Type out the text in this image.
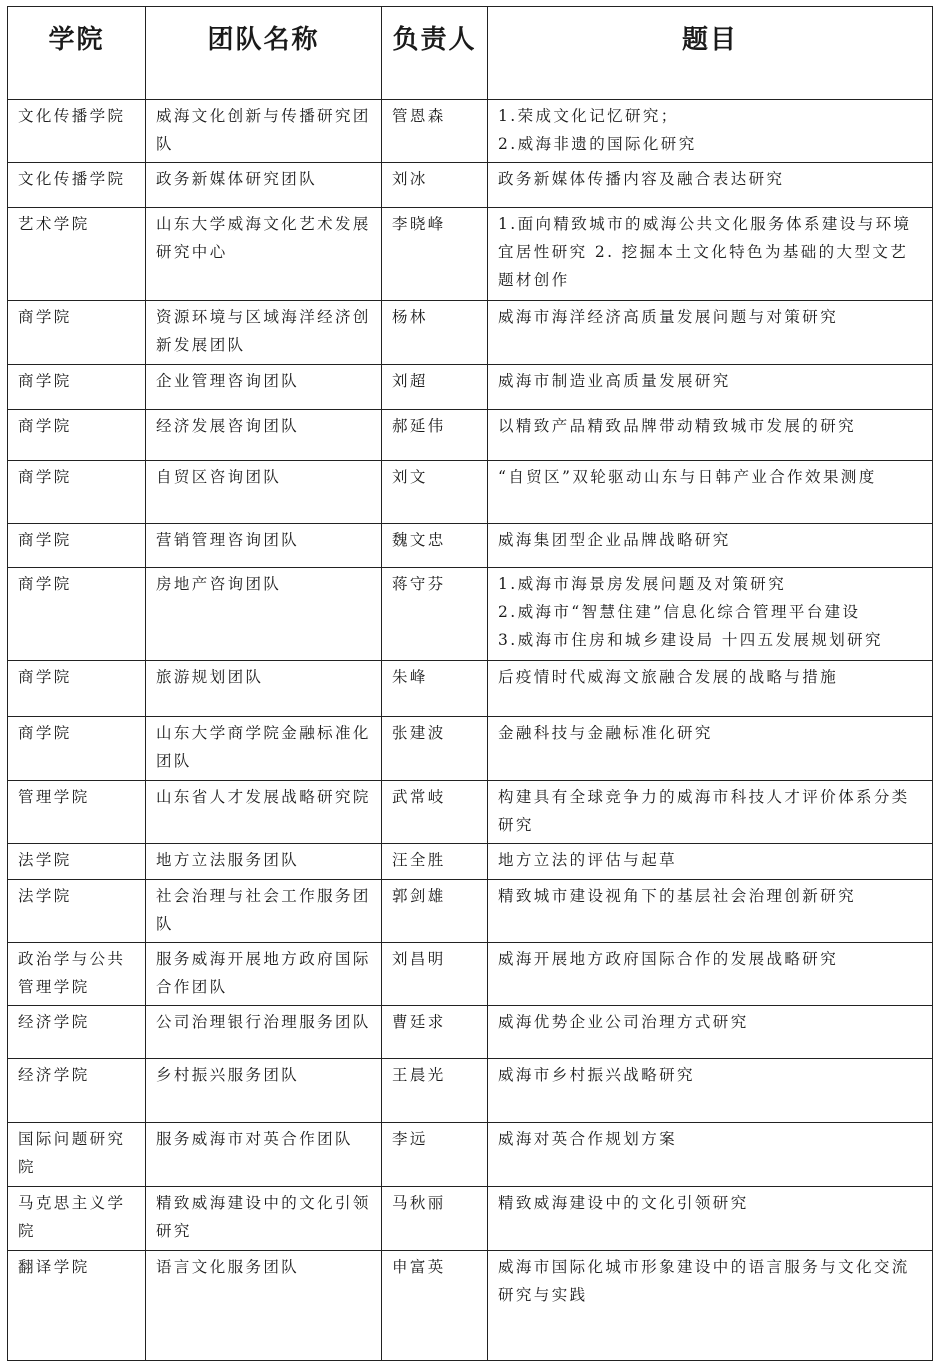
学院	团队名称	负责人	题目
文化传播学院	威海文化创新与传播研究团队	管恩森	1.荣成文化记忆研究；
2.威海非遗的国际化研究

文化传播学院	政务新媒体研究团队	刘冰	政务新媒体传播内容及融合表达研究

艺术学院	山东大学威海文化艺术发展研究中心	李晓峰	1.面向精致城市的威海公共文化服务体系建设与环境宜居性研究 2. 挖掘本土文化特色为基础的大型文艺题材创作

商学院	资源环境与区域海洋经济创新发展团队	杨林	威海市海洋经济高质量发展问题与对策研究

商学院	企业管理咨询团队	刘超	威海市制造业高质量发展研究

商学院	经济发展咨询团队	郝延伟	以精致产品精致品牌带动精致城市发展的研究

商学院	自贸区咨询团队	刘文	“自贸区”双轮驱动山东与日韩产业合作效果测度

商学院	营销管理咨询团队	魏文忠	威海集团型企业品牌战略研究

商学院	房地产咨询团队	蒋守芬	1.威海市海景房发展问题及对策研究
2.威海市“智慧住建”信息化综合管理平台建设
3.威海市住房和城乡建设局 十四五发展规划研究

商学院	旅游规划团队	朱峰	后疫情时代威海文旅融合发展的战略与措施

商学院	山东大学商学院金融标准化团队	张建波	金融科技与金融标准化研究

管理学院	山东省人才发展战略研究院	武常岐	构建具有全球竞争力的威海市科技人才评价体系分类研究

法学院	地方立法服务团队	汪全胜	地方立法的评估与起草

法学院	社会治理与社会工作服务团队	郭剑雄	精致城市建设视角下的基层社会治理创新研究

政治学与公共管理学院	服务威海开展地方政府国际合作团队	刘昌明	威海开展地方政府国际合作的发展战略研究

经济学院	公司治理银行治理服务团队	曹廷求	威海优势企业公司治理方式研究

经济学院	乡村振兴服务团队	王晨光	威海市乡村振兴战略研究

国际问题研究院	服务威海市对英合作团队	李远	威海对英合作规划方案

马克思主义学院	精致威海建设中的文化引领研究	马秋丽	精致威海建设中的文化引领研究

翻译学院	语言文化服务团队	申富英	威海市国际化城市形象建设中的语言服务与文化交流研究与实践
